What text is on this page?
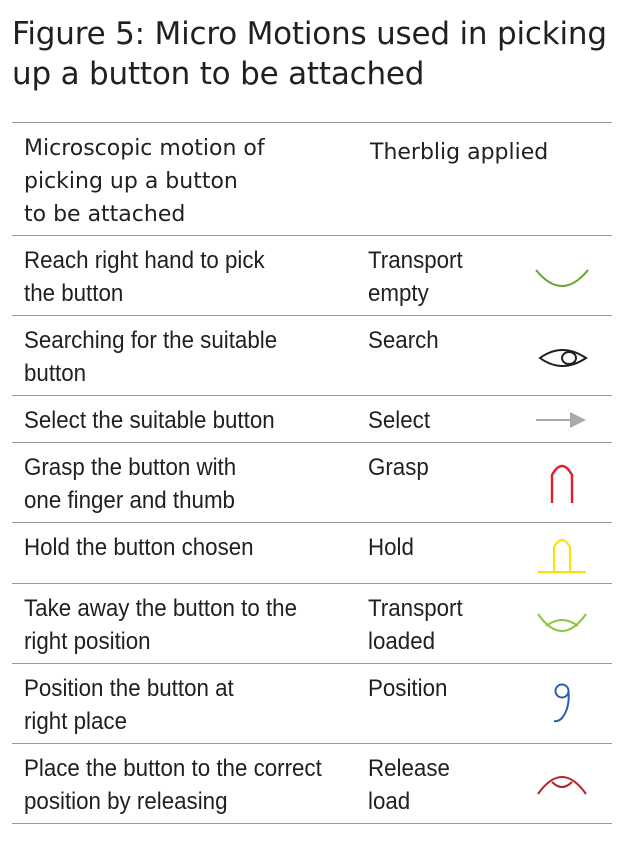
Figure 5: Micro Motions used in picking up a button to be attached
Microscopic motion of
picking up a button
to be attached
Therblig applied
Reach right hand to pick
the button
Transport
empty
Searching for the suitable
button
Search
Select the suitable button	Select
Grasp the button with
one finger and thumb
Grasp
Hold the button chosen	Hold
Take away the button to the
right position
Transport
loaded
Position the button at
right place
Position
Place the button to the correct
position by releasing
Release
load
